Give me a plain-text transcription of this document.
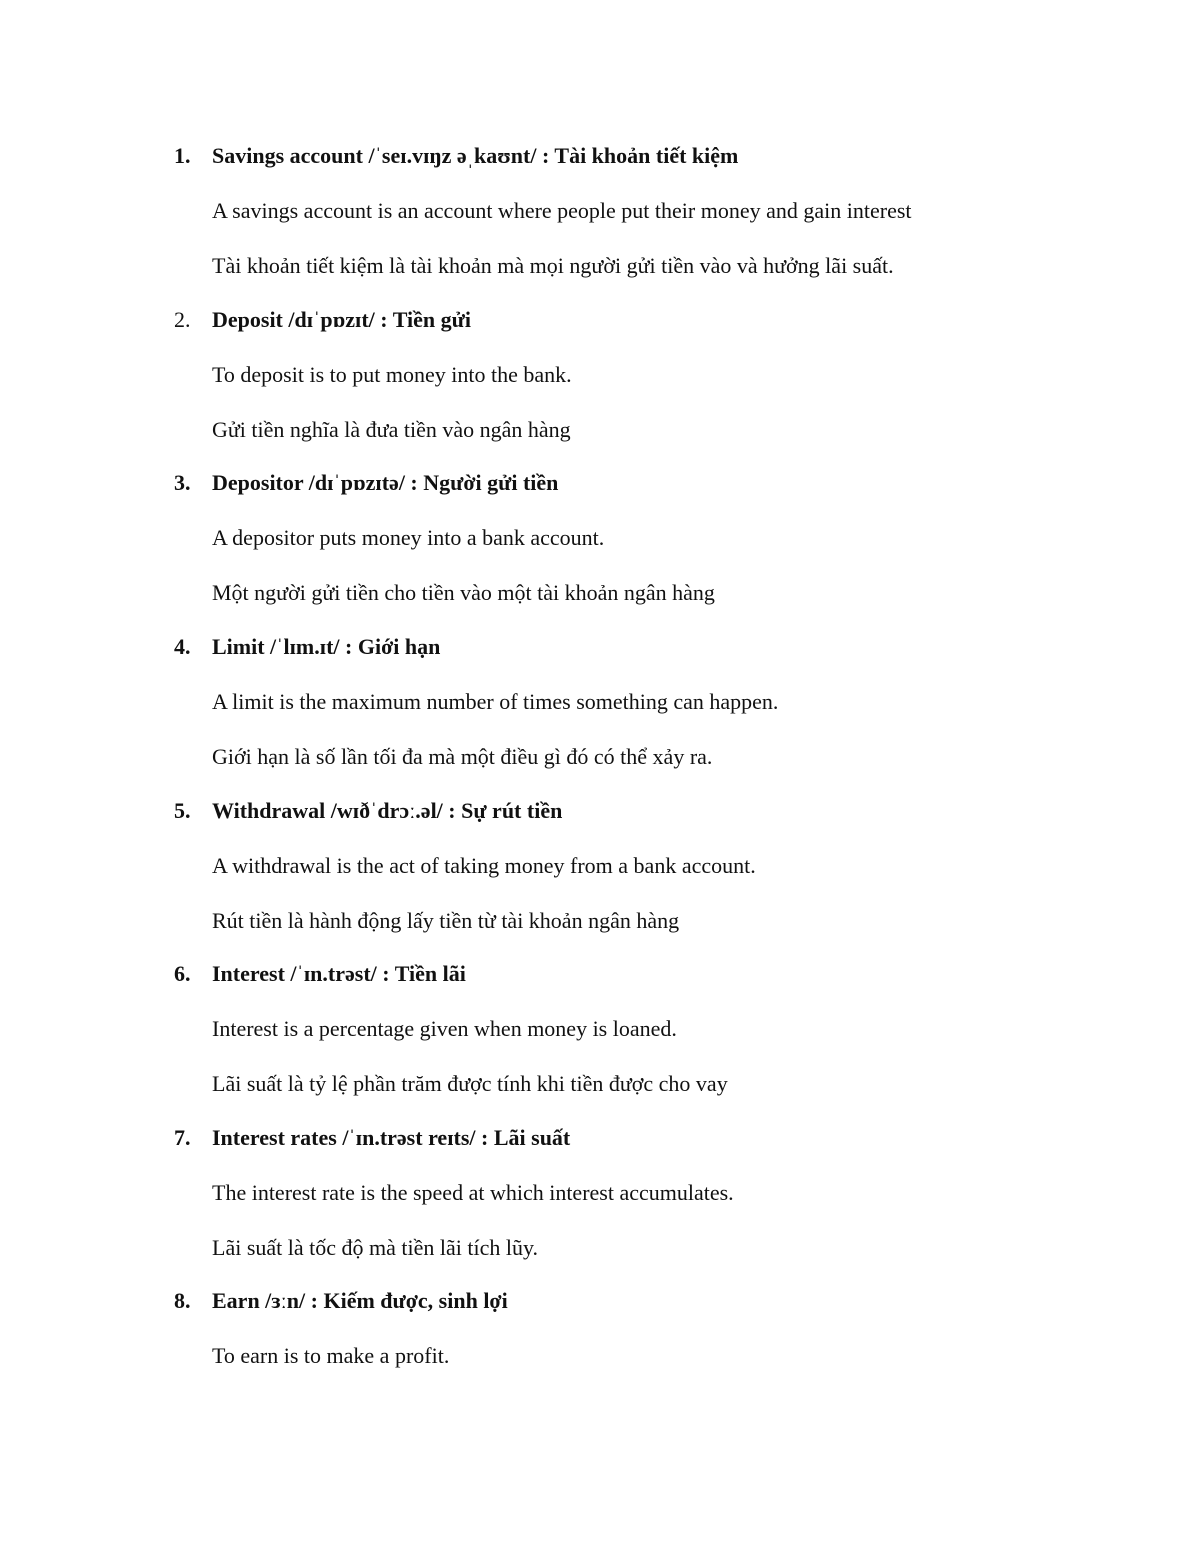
1. Savings account /ˈseɪ.vɪŋz əˌkaʊnt/ : Tài khoản tiết kiệm
A savings account is an account where people put their money and gain interest
Tài khoản tiết kiệm là tài khoản mà mọi người gửi tiền vào và hưởng lãi suất.
2. Deposit /dɪˈpɒzɪt/ : Tiền gửi
To deposit is to put money into the bank.
Gửi tiền nghĩa là đưa tiền vào ngân hàng
3. Depositor /dɪˈpɒzɪtə/ : Người gửi tiền
A depositor puts money into a bank account.
Một người gửi tiền cho tiền vào một tài khoản ngân hàng
4. Limit /ˈlɪm.ɪt/ : Giới hạn
A limit is the maximum number of times something can happen.
Giới hạn là số lần tối đa mà một điều gì đó có thể xảy ra.
5. Withdrawal /wɪðˈdrɔː.əl/ : Sự rút tiền
A withdrawal is the act of taking money from a bank account.
Rút tiền là hành động lấy tiền từ tài khoản ngân hàng
6. Interest /ˈɪn.trəst/ : Tiền lãi
Interest is a percentage given when money is loaned.
Lãi suất là tỷ lệ phần trăm được tính khi tiền được cho vay
7. Interest rates /ˈɪn.trəst reɪts/ : Lãi suất
The interest rate is the speed at which interest accumulates.
Lãi suất là tốc độ mà tiền lãi tích lũy.
8. Earn /ɜːn/ : Kiếm được, sinh lợi
To earn is to make a profit.
